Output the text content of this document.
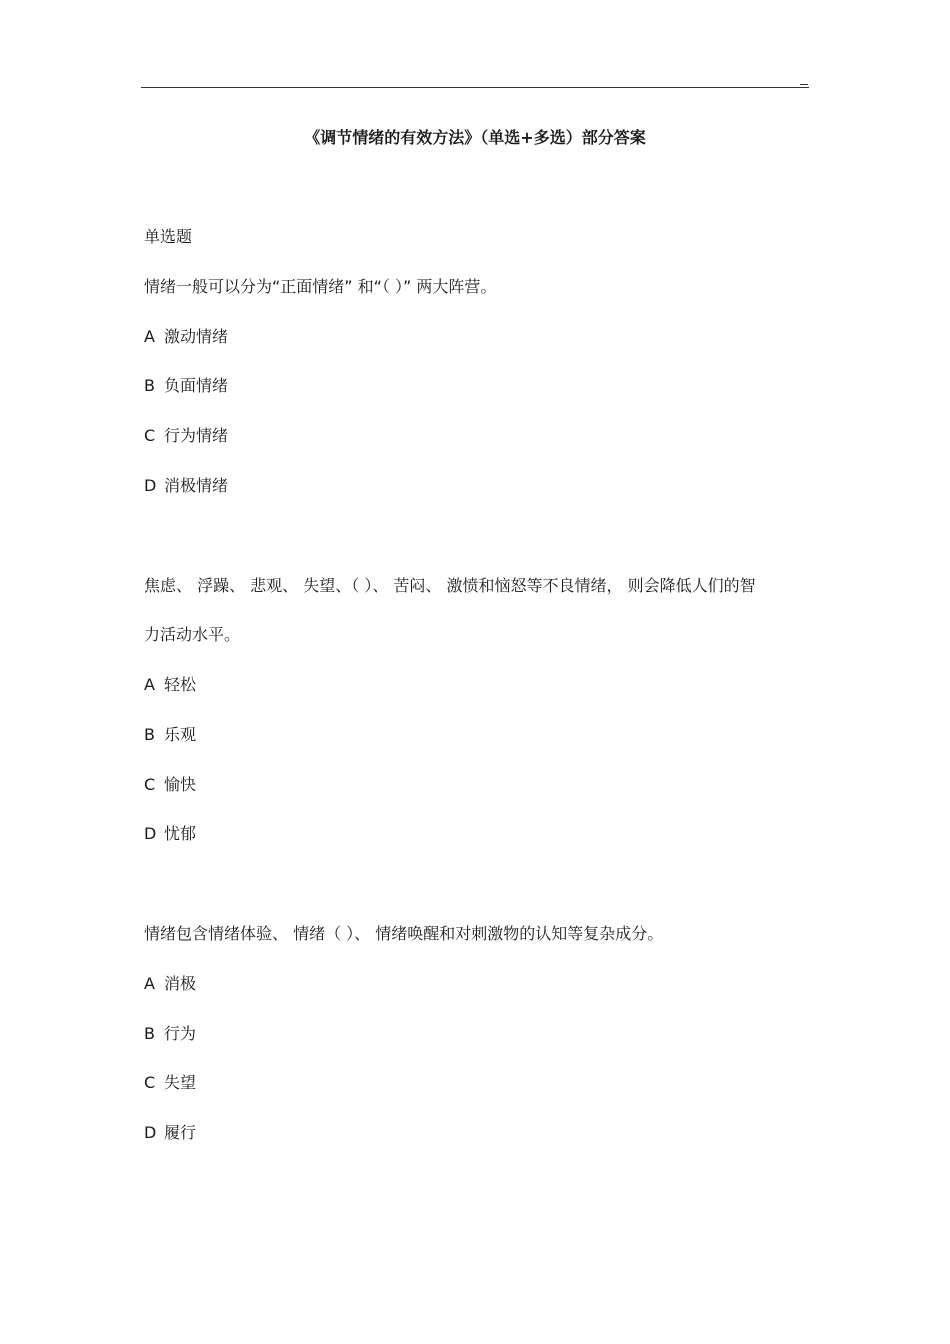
《调节情绪的有效方法》（单选+多选）部分答案

单选题

情绪一般可以分为“正面情绪” 和“（ ）” 两大阵营。

A 激动情绪

B 负面情绪

C 行为情绪

D 消极情绪

焦虑、 浮躁、 悲观、 失望、（ ）、 苦闷、 激愤和恼怒等不良情绪， 则会降低人们的智

力活动水平。

A 轻松

B 乐观

C 愉快

D 忧郁

情绪包含情绪体验、 情绪（ ）、 情绪唤醒和对刺激物的认知等复杂成分。

A 消极

B 行为

C 失望

D 履行
